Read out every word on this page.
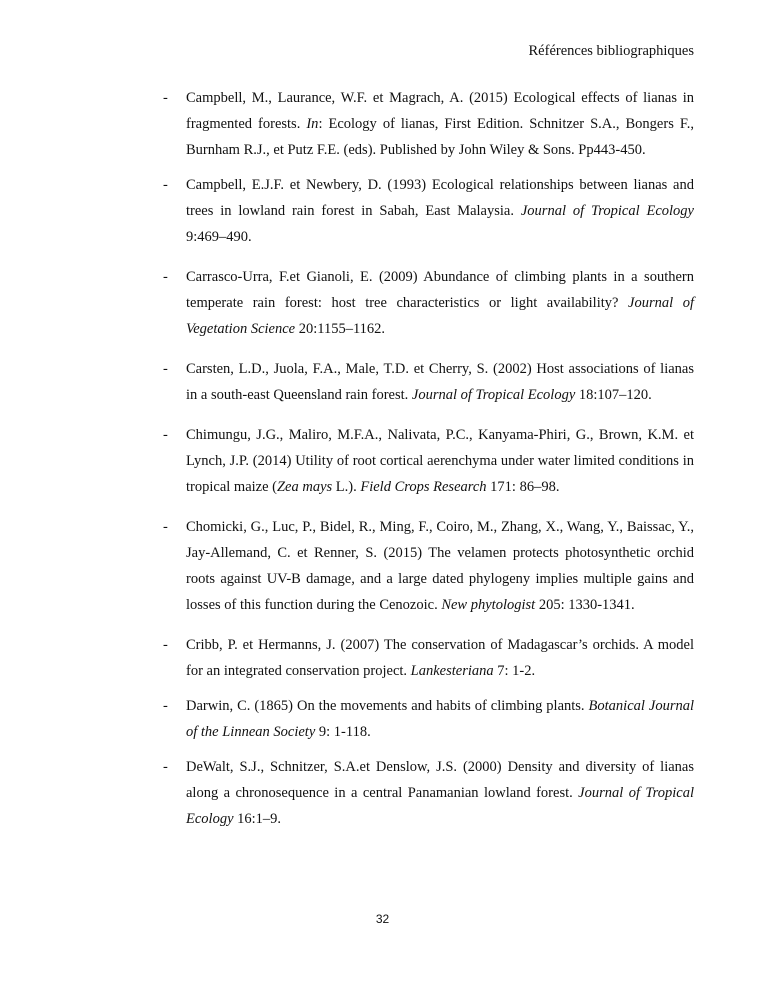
Références bibliographiques
- Campbell, M., Laurance, W.F. et Magrach, A. (2015) Ecological effects of lianas in fragmented forests. In: Ecology of lianas, First Edition. Schnitzer S.A., Bongers F., Burnham R.J., et Putz F.E. (eds). Published by John Wiley & Sons. Pp443-450.
- Campbell, E.J.F. et Newbery, D. (1993) Ecological relationships between lianas and trees in lowland rain forest in Sabah, East Malaysia. Journal of Tropical Ecology 9:469–490.
- Carrasco-Urra, F.et Gianoli, E. (2009) Abundance of climbing plants in a southern temperate rain forest: host tree characteristics or light availability? Journal of Vegetation Science 20:1155–1162.
- Carsten, L.D., Juola, F.A., Male, T.D. et Cherry, S. (2002) Host associations of lianas in a south-east Queensland rain forest. Journal of Tropical Ecology 18:107–120.
- Chimungu, J.G., Maliro, M.F.A., Nalivata, P.C., Kanyama-Phiri, G., Brown, K.M. et Lynch, J.P. (2014) Utility of root cortical aerenchyma under water limited conditions in tropical maize (Zea mays L.). Field Crops Research 171: 86–98.
- Chomicki, G., Luc, P., Bidel, R., Ming, F., Coiro, M., Zhang, X., Wang, Y., Baissac, Y., Jay-Allemand, C. et Renner, S. (2015) The velamen protects photosynthetic orchid roots against UV-B damage, and a large dated phylogeny implies multiple gains and losses of this function during the Cenozoic. New phytologist 205: 1330-1341.
- Cribb, P. et Hermanns, J. (2007) The conservation of Madagascar’s orchids. A model for an integrated conservation project. Lankesteriana 7: 1-2.
- Darwin, C. (1865) On the movements and habits of climbing plants. Botanical Journal of the Linnean Society 9: 1-118.
- DeWalt, S.J., Schnitzer, S.A.et Denslow, J.S. (2000) Density and diversity of lianas along a chronosequence in a central Panamanian lowland forest. Journal of Tropical Ecology 16:1–9.
32
